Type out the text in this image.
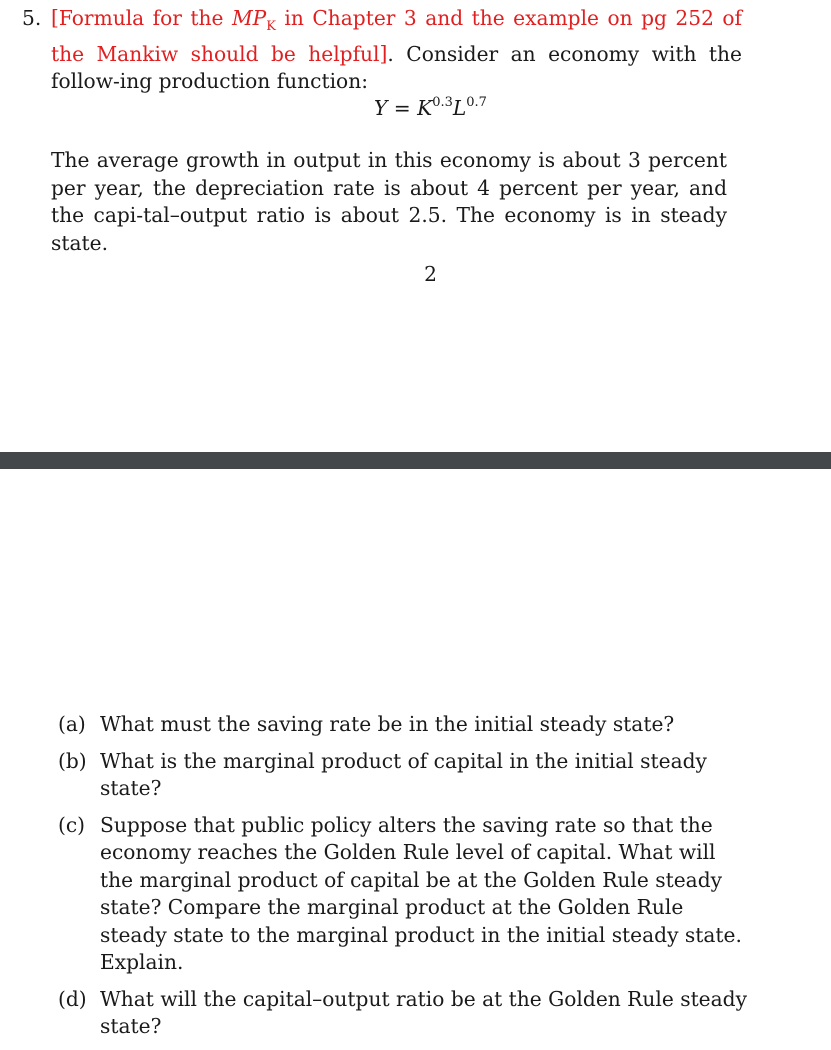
5. [Formula for the $MP_K$ in Chapter 3 and the example on pg 252 of the Mankiw should be helpful]. Consider an economy with the follow-ing production function:
$Y = K^{0.3}L^{0.7}$
The average growth in output in this economy is about 3 percent per year, the depreciation rate is about 4 percent per year, and the capi-tal–output ratio is about 2.5. The economy is in steady state.
2
(a) What must the saving rate be in the initial steady state?
(b) What is the marginal product of capital in the initial steady state?
(c) Suppose that public policy alters the saving rate so that the economy reaches the Golden Rule level of capital. What will the marginal product of capital be at the Golden Rule steady state? Compare the marginal product at the Golden Rule steady state to the marginal product in the initial steady state. Explain.
(d) What will the capital–output ratio be at the Golden Rule steady state?
